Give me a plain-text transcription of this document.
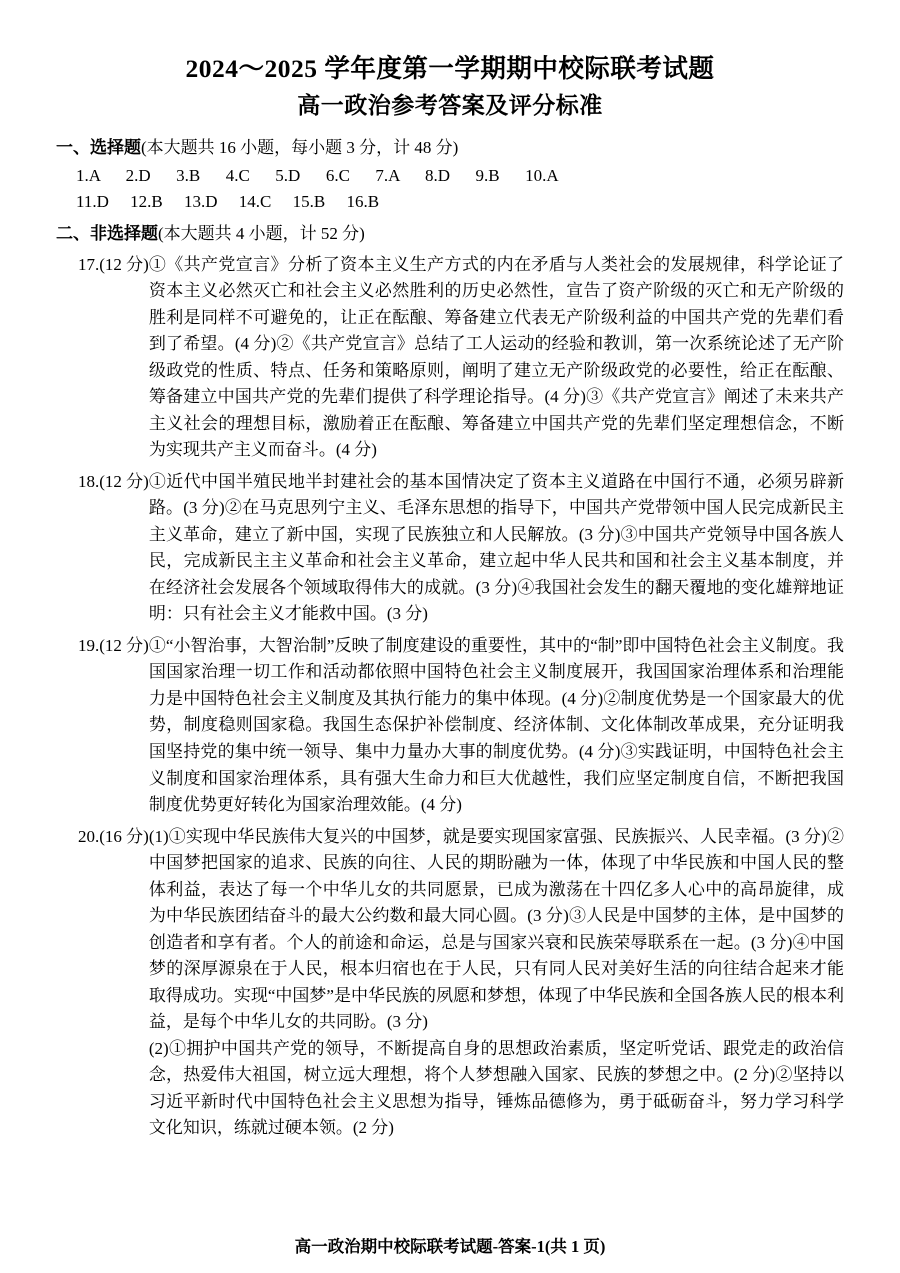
2024～2025 学年度第一学期期中校际联考试题
高一政治参考答案及评分标准
一、选择题(本大题共 16 小题，每小题 3 分，计 48 分)
1.A      2.D      3.B      4.C      5.D      6.C      7.A      8.D      9.B      10.A
11.D     12.B     13.D     14.C     15.B     16.B
二、非选择题(本大题共 4 小题，计 52 分)
17.(12 分) ①《共产党宣言》分析了资本主义生产方式的内在矛盾与人类社会的发展规律，科学论证了资本主义必然灭亡和社会主义必然胜利的历史必然性，宣告了资产阶级的灭亡和无产阶级的胜利是同样不可避免的，让正在酝酿、筹备建立代表无产阶级利益的中国共产党的先辈们看到了希望。(4 分)②《共产党宣言》总结了工人运动的经验和教训，第一次系统论述了无产阶级政党的性质、特点、任务和策略原则，阐明了建立无产阶级政党的必要性，给正在酝酿、筹备建立中国共产党的先辈们提供了科学理论指导。(4 分)③《共产党宣言》阐述了未来共产主义社会的理想目标，激励着正在酝酿、筹备建立中国共产党的先辈们坚定理想信念，不断为实现共产主义而奋斗。(4 分)

18.(12 分) ①近代中国半殖民地半封建社会的基本国情决定了资本主义道路在中国行不通，必须另辟新路。(3 分)②在马克思列宁主义、毛泽东思想的指导下，中国共产党带领中国人民完成新民主主义革命，建立了新中国，实现了民族独立和人民解放。(3 分)③中国共产党领导中国各族人民，完成新民主主义革命和社会主义革命，建立起中华人民共和国和社会主义基本制度，并在经济社会发展各个领域取得伟大的成就。(3 分)④我国社会发生的翻天覆地的变化雄辩地证明：只有社会主义才能救中国。(3 分)

19.(12 分) ①“小智治事，大智治制”反映了制度建设的重要性，其中的“制”即中国特色社会主义制度。我国国家治理一切工作和活动都依照中国特色社会主义制度展开，我国国家治理体系和治理能力是中国特色社会主义制度及其执行能力的集中体现。(4 分)②制度优势是一个国家最大的优势，制度稳则国家稳。我国生态保护补偿制度、经济体制、文化体制改革成果，充分证明我国坚持党的集中统一领导、集中力量办大事的制度优势。(4 分)③实践证明，中国特色社会主义制度和国家治理体系，具有强大生命力和巨大优越性，我们应坚定制度自信，不断把我国制度优势更好转化为国家治理效能。(4 分)

20.(16 分) (1)①实现中华民族伟大复兴的中国梦，就是要实现国家富强、民族振兴、人民幸福。(3 分)②中国梦把国家的追求、民族的向往、人民的期盼融为一体，体现了中华民族和中国人民的整体利益，表达了每一个中华儿女的共同愿景，已成为激荡在十四亿多人心中的高昂旋律，成为中华民族团结奋斗的最大公约数和最大同心圆。(3 分)③人民是中国梦的主体，是中国梦的创造者和享有者。个人的前途和命运，总是与国家兴衰和民族荣辱联系在一起。(3 分)④中国梦的深厚源泉在于人民，根本归宿也在于人民，只有同人民对美好生活的向往结合起来才能取得成功。实现“中国梦”是中华民族的夙愿和梦想，体现了中华民族和全国各族人民的根本利益，是每个中华儿女的共同盼。(3 分)

(2)①拥护中国共产党的领导，不断提高自身的思想政治素质，坚定听党话、跟党走的政治信念，热爱伟大祖国，树立远大理想，将个人梦想融入国家、民族的梦想之中。(2 分)②坚持以习近平新时代中国特色社会主义思想为指导，锤炼品德修为，勇于砥砺奋斗，努力学习科学文化知识，练就过硬本领。(2 分)

高一政治期中校际联考试题-答案-1(共 1 页)
